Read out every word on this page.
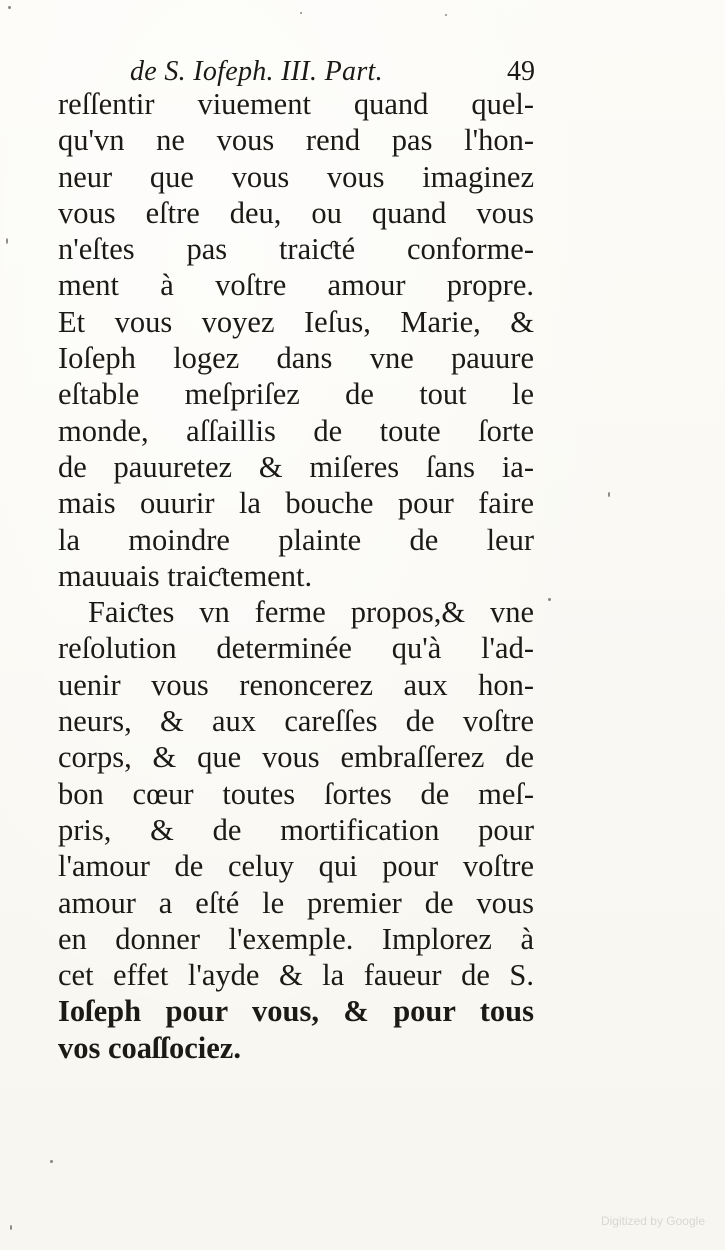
de S. Iofeph. III. Part.	49
reſſentir viuement quand quel-
qu'vn ne vous rend pas l'hon-
neur que vous vous imaginez
vous eſtre deu, ou quand vous
n'eſtes pas traiƈté conforme-
ment à voſtre amour propre.
Et vous voyez Ieſus, Marie, &
Ioſeph logez dans vne pauure
eſtable meſpriſez de tout le
monde, aſſaillis de toute ſorte
de pauuretez & miſeres ſans ia-
mais ouurir la bouche pour faire
la moindre plainte de leur
mauuais traiƈtement.
Faiƈtes vn ferme propos,& vne
reſolution determinée qu'à l'ad-
uenir vous renoncerez aux hon-
neurs, & aux careſſes de voſtre
corps, & que vous embraſſerez de
bon cœur toutes ſortes de meſ-
pris, & de mortification pour
l'amour de celuy qui pour voſtre
amour a eſté le premier de vous
en donner l'exemple. Implorez à
cet effet l'ayde & la faueur de S.
Ioſeph pour vous, & pour tous
vos coaſſociez.
Digitized by Google
